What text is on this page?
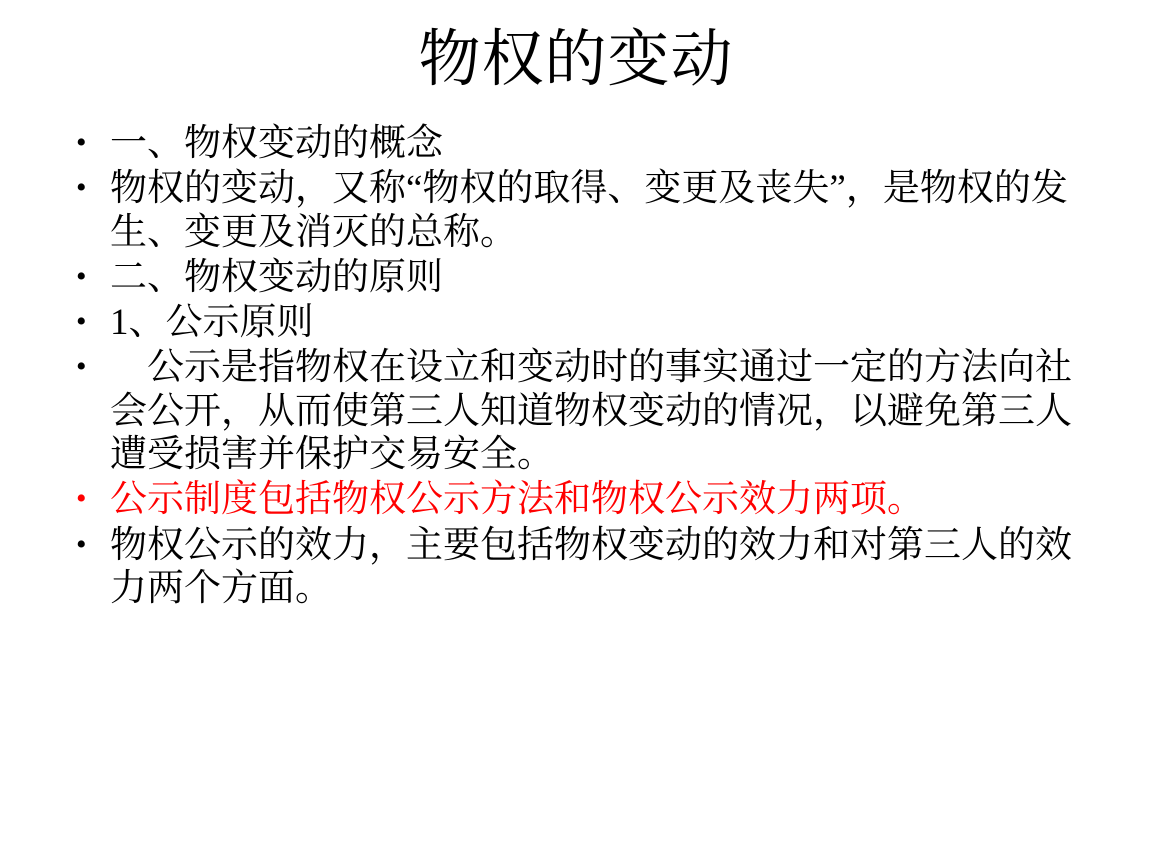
物权的变动
• 一、物权变动的概念
• 物权的变动，又称“物权的取得、变更及丧失”，是物权的发生、变更及消灭的总称。
• 二、物权变动的原则
• 1、公示原则
• 公示是指物权在设立和变动时的事实通过一定的方法向社会公开，从而使第三人知道物权变动的情况，以避免第三人遭受损害并保护交易安全。
• 公示制度包括物权公示方法和物权公示效力两项。
• 物权公示的效力，主要包括物权变动的效力和对第三人的效力两个方面。
